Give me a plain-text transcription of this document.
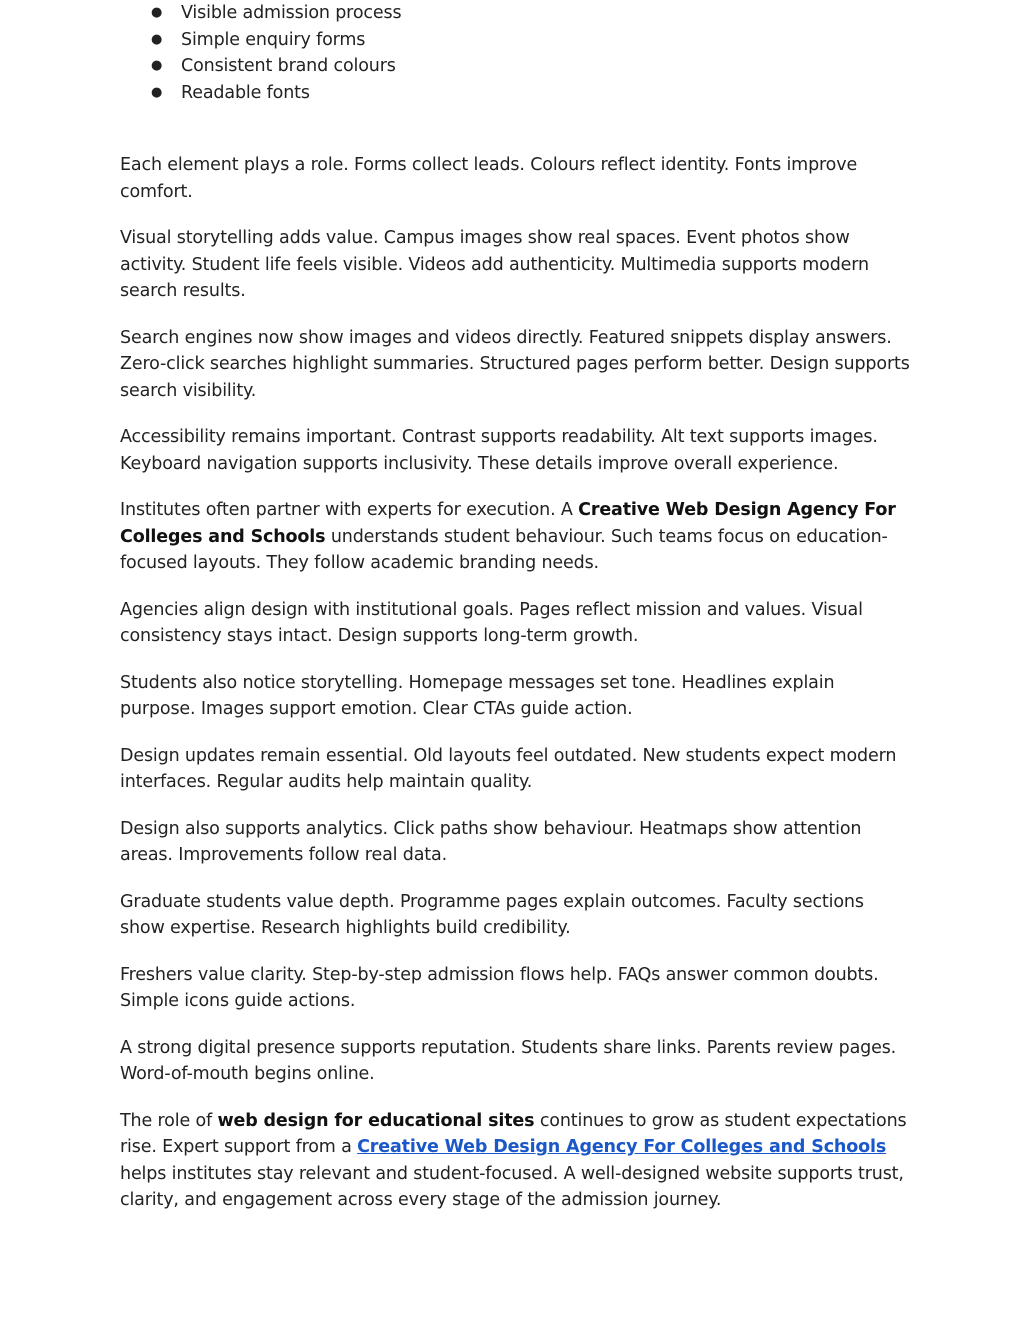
● Visible admission process
● Simple enquiry forms
● Consistent brand colours
● Readable fonts

Each element plays a role. Forms collect leads. Colours reflect identity. Fonts improve comfort.

Visual storytelling adds value. Campus images show real spaces. Event photos show activity. Student life feels visible. Videos add authenticity. Multimedia supports modern search results.

Search engines now show images and videos directly. Featured snippets display answers. Zero-click searches highlight summaries. Structured pages perform better. Design supports search visibility.

Accessibility remains important. Contrast supports readability. Alt text supports images. Keyboard navigation supports inclusivity. These details improve overall experience.

Institutes often partner with experts for execution. A Creative Web Design Agency For Colleges and Schools understands student behaviour. Such teams focus on education-focused layouts. They follow academic branding needs.

Agencies align design with institutional goals. Pages reflect mission and values. Visual consistency stays intact. Design supports long-term growth.

Students also notice storytelling. Homepage messages set tone. Headlines explain purpose. Images support emotion. Clear CTAs guide action.

Design updates remain essential. Old layouts feel outdated. New students expect modern interfaces. Regular audits help maintain quality.

Design also supports analytics. Click paths show behaviour. Heatmaps show attention areas. Improvements follow real data.

Graduate students value depth. Programme pages explain outcomes. Faculty sections show expertise. Research highlights build credibility.

Freshers value clarity. Step-by-step admission flows help. FAQs answer common doubts. Simple icons guide actions.

A strong digital presence supports reputation. Students share links. Parents review pages. Word-of-mouth begins online.

The role of web design for educational sites continues to grow as student expectations rise. Expert support from a Creative Web Design Agency For Colleges and Schools helps institutes stay relevant and student-focused. A well-designed website supports trust, clarity, and engagement across every stage of the admission journey.
